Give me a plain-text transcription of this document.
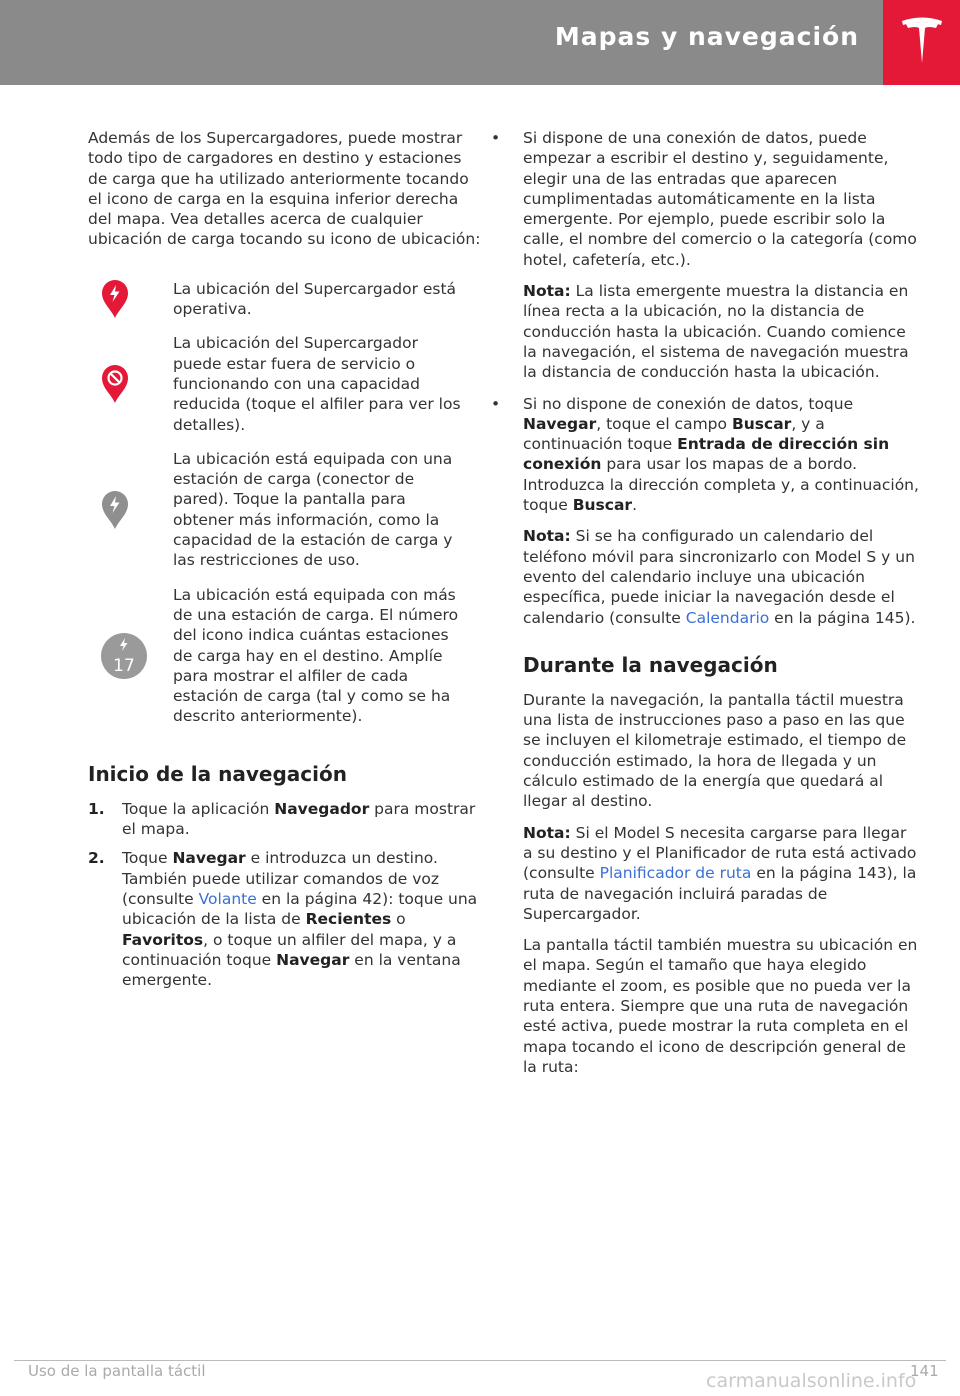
Mapas y navegación

Además de los Supercargadores, puede mostrar todo tipo de cargadores en destino y estaciones de carga que ha utilizado anteriormente tocando el icono de carga en la esquina inferior derecha del mapa. Vea detalles acerca de cualquier ubicación de carga tocando su icono de ubicación:

La ubicación del Supercargador está operativa.

La ubicación del Supercargador puede estar fuera de servicio o funcionando con una capacidad reducida (toque el alfiler para ver los detalles).

La ubicación está equipada con una estación de carga (conector de pared). Toque la pantalla para obtener más información, como la capacidad de la estación de carga y las restricciones de uso.

17

La ubicación está equipada con más de una estación de carga. El número del icono indica cuántas estaciones de carga hay en el destino. Amplíe para mostrar el alfiler de cada estación de carga (tal y como se ha descrito anteriormente).

Inicio de la navegación
1.	Toque la aplicación Navegador para mostrar el mapa.
2.	Toque Navegar e introduzca un destino. También puede utilizar comandos de voz (consulte Volante en la página 42): toque una ubicación de la lista de Recientes o Favoritos, o toque un alfiler del mapa, y a continuación toque Navegar en la ventana emergente.
•	Si dispone de una conexión de datos, puede empezar a escribir el destino y, seguidamente, elegir una de las entradas que aparecen cumplimentadas automáticamente en la lista emergente. Por ejemplo, puede escribir solo la calle, el nombre del comercio o la categoría (como hotel, cafetería, etc.).

Nota: La lista emergente muestra la distancia en línea recta a la ubicación, no la distancia de conducción hasta la ubicación. Cuando comience la navegación, el sistema de navegación muestra la distancia de conducción hasta la ubicación.

•	Si no dispone de conexión de datos, toque Navegar, toque el campo Buscar, y a continuación toque Entrada de dirección sin conexión para usar los mapas de a bordo. Introduzca la dirección completa y, a continuación, toque Buscar.

Nota: Si se ha configurado un calendario del teléfono móvil para sincronizarlo con Model S y un evento del calendario incluye una ubicación específica, puede iniciar la navegación desde el calendario (consulte Calendario en la página 145).

Durante la navegación

Durante la navegación, la pantalla táctil muestra una lista de instrucciones paso a paso en las que se incluyen el kilometraje estimado, el tiempo de conducción estimado, la hora de llegada y un cálculo estimado de la energía que quedará al llegar al destino.

Nota: Si el Model S necesita cargarse para llegar a su destino y el Planificador de ruta está activado (consulte Planificador de ruta en la página 143), la ruta de navegación incluirá paradas de Supercargador.

La pantalla táctil también muestra su ubicación en el mapa. Según el tamaño que haya elegido mediante el zoom, es posible que no pueda ver la ruta entera. Siempre que una ruta de navegación esté activa, puede mostrar la ruta completa en el mapa tocando el icono de descripción general de la ruta:

Uso de la pantalla táctil	141
carmanualsonline.info
